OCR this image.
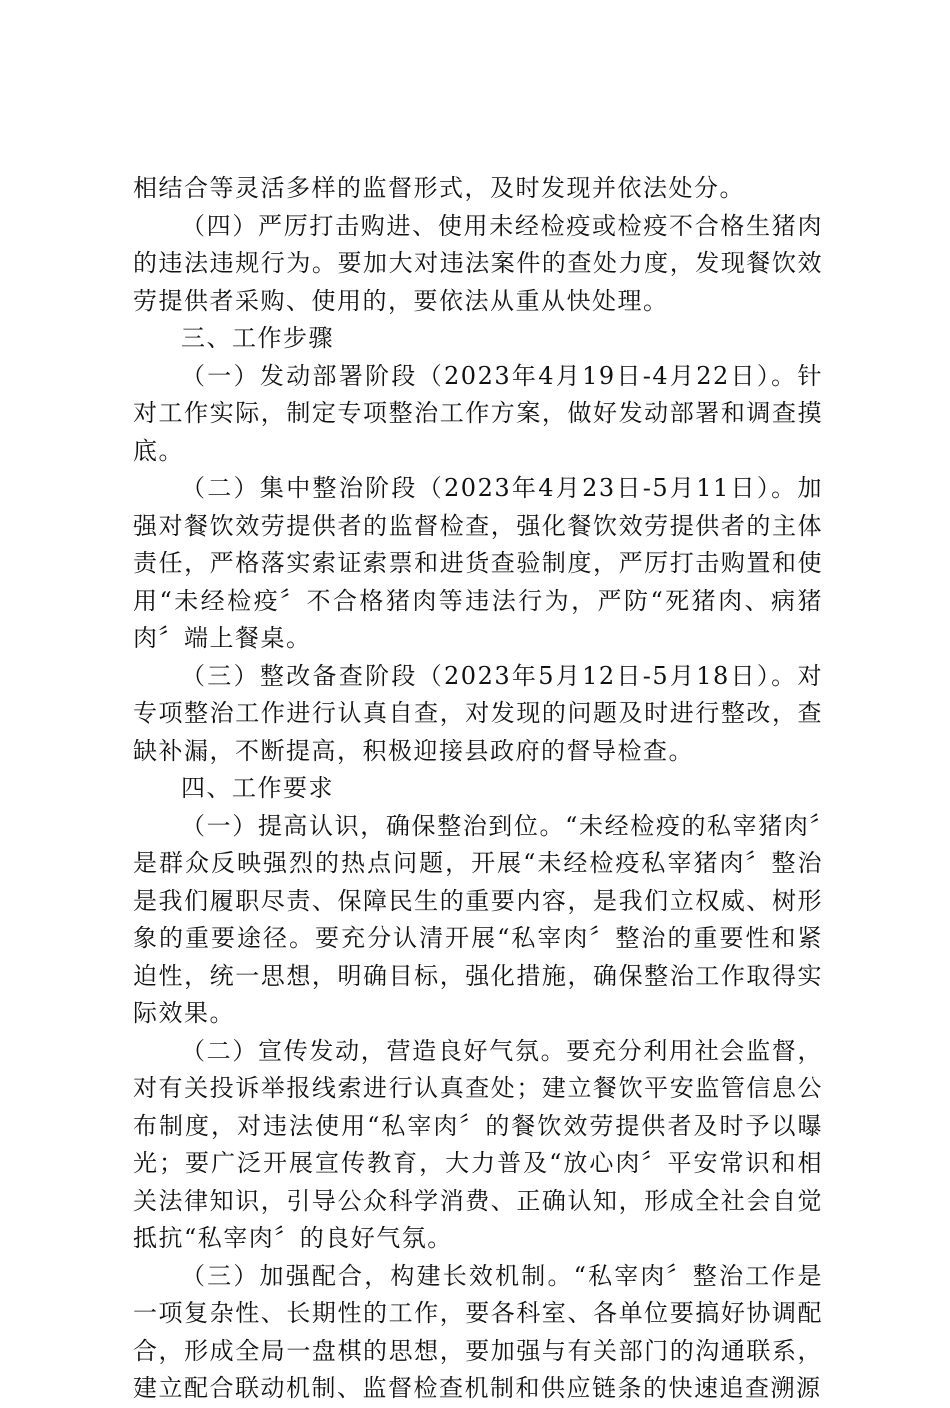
相结合等灵活多样的监督形式，及时发现并依法处分。

（四）严厉打击购进、使用未经检疫或检疫不合格生猪肉的违法违规行为。要加大对违法案件的查处力度，发现餐饮效劳提供者采购、使用的，要依法从重从快处理。

三、工作步骤

（一）发动部署阶段（2023年4月19日-4月22日）。针对工作实际，制定专项整治工作方案，做好发动部署和调查摸底。

（二）集中整治阶段（2023年4月23日-5月11日）。加强对餐饮效劳提供者的监督检查，强化餐饮效劳提供者的主体责任，严格落实索证索票和进货查验制度，严厉打击购置和使用“未经检疫〞不合格猪肉等违法行为，严防“死猪肉、病猪肉〞端上餐桌。

（三）整改备查阶段（2023年5月12日-5月18日）。对专项整治工作进行认真自查，对发现的问题及时进行整改，查缺补漏，不断提高，积极迎接县政府的督导检查。

四、工作要求

（一）提高认识，确保整治到位。“未经检疫的私宰猪肉〞是群众反映强烈的热点问题，开展“未经检疫私宰猪肉〞整治是我们履职尽责、保障民生的重要内容，是我们立权威、树形象的重要途径。要充分认清开展“私宰肉〞整治的重要性和紧迫性，统一思想，明确目标，强化措施，确保整治工作取得实际效果。

（二）宣传发动，营造良好气氛。要充分利用社会监督，对有关投诉举报线索进行认真查处；建立餐饮平安监管信息公布制度，对违法使用“私宰肉〞的餐饮效劳提供者及时予以曝光；要广泛开展宣传教育，大力普及“放心肉〞平安常识和相关法律知识，引导公众科学消费、正确认知，形成全社会自觉抵抗“私宰肉〞的良好气氛。

（三）加强配合，构建长效机制。“私宰肉〞整治工作是一项复杂性、长期性的工作，要各科室、各单位要搞好协调配合，形成全局一盘棋的思想，要加强与有关部门的沟通联系，建立配合联动机制、监督检查机制和供应链条的快速追查溯源
